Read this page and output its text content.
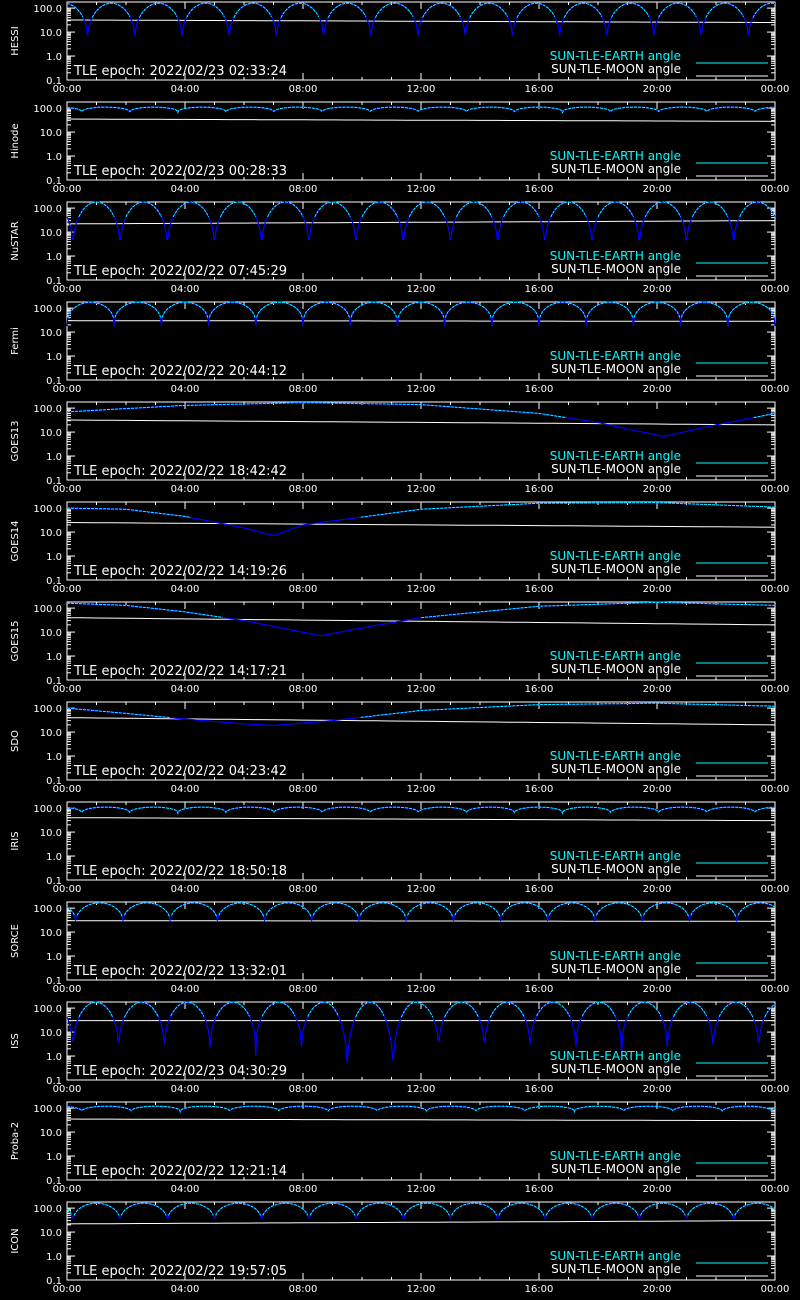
100.0
10.0
1.0
0.1
00:00	04:00	08:00	12:00	16:00	20:00	00:00
HESSI
SUN-TLE-EARTH angle
SUN-TLE-MOON angle
TLE epoch: 2022/02/23 02:33:24
100.0
10.0
1.0
0.1
00:00	04:00	08:00	12:00	16:00	20:00	00:00
Hinode	SUN-TLE-EARTH angle
SUN-TLE-MOON angle
TLE epoch: 2022/02/23 00:28:33
100.0
10.0
1.0
0.1
00:00	04:00	08:00	12:00	16:00	20:00	00:00
NuSTAR	SUN-TLE-EARTH angle
SUN-TLE-MOON angle
TLE epoch: 2022/02/22 07:45:29
100.0
10.0
1.0
0.1
00:00	04:00	08:00	12:00	16:00	20:00	00:00
Fermi
SUN-TLE-EARTH angle
SUN-TLE-MOON angle
TLE epoch: 2022/02/22 20:44:12
100.0
10.0
1.0
0.1
00:00	04:00	08:00	12:00	16:00	20:00	00:00
GOES13	SUN-TLE-EARTH angle
SUN-TLE-MOON angle
TLE epoch: 2022/02/22 18:42:42
100.0
10.0
1.0
0.1
00:00	04:00	08:00	12:00	16:00	20:00	00:00
GOES14	SUN-TLE-EARTH angle
SUN-TLE-MOON angle
TLE epoch: 2022/02/22 14:19:26
100.0
10.0
1.0
0.1
00:00	04:00	08:00	12:00	16:00	20:00	00:00
GOES15	SUN-TLE-EARTH angle
SUN-TLE-MOON angle
TLE epoch: 2022/02/22 14:17:21
100.0
10.0
1.0
0.1
00:00	04:00	08:00	12:00	16:00	20:00	00:00
SDO
SUN-TLE-EARTH angle
SUN-TLE-MOON angle
TLE epoch: 2022/02/22 04:23:42
100.0
10.0
1.0
0.1
00:00	04:00	08:00	12:00	16:00	20:00	00:00
IRIS
SUN-TLE-EARTH angle
SUN-TLE-MOON angle
TLE epoch: 2022/02/22 18:50:18
100.0
10.0
1.0
0.1
00:00	04:00	08:00	12:00	16:00	20:00	00:00
SORCE	SUN-TLE-EARTH angle
SUN-TLE-MOON angle
TLE epoch: 2022/02/22 13:32:01
100.0
10.0
1.0
0.1
00:00	04:00	08:00	12:00	16:00	20:00	00:00
ISS
SUN-TLE-EARTH angle
SUN-TLE-MOON angle
TLE epoch: 2022/02/23 04:30:29
100.0
10.0
1.0
0.1
00:00	04:00	08:00	12:00	16:00	20:00	00:00
Proba-2	SUN-TLE-EARTH angle
SUN-TLE-MOON angle
TLE epoch: 2022/02/22 12:21:14
100.0
10.0
1.0
0.1
00:00	04:00	08:00	12:00	16:00	20:00	00:00
ICON
SUN-TLE-EARTH angle
SUN-TLE-MOON angle
TLE epoch: 2022/02/22 19:57:05
